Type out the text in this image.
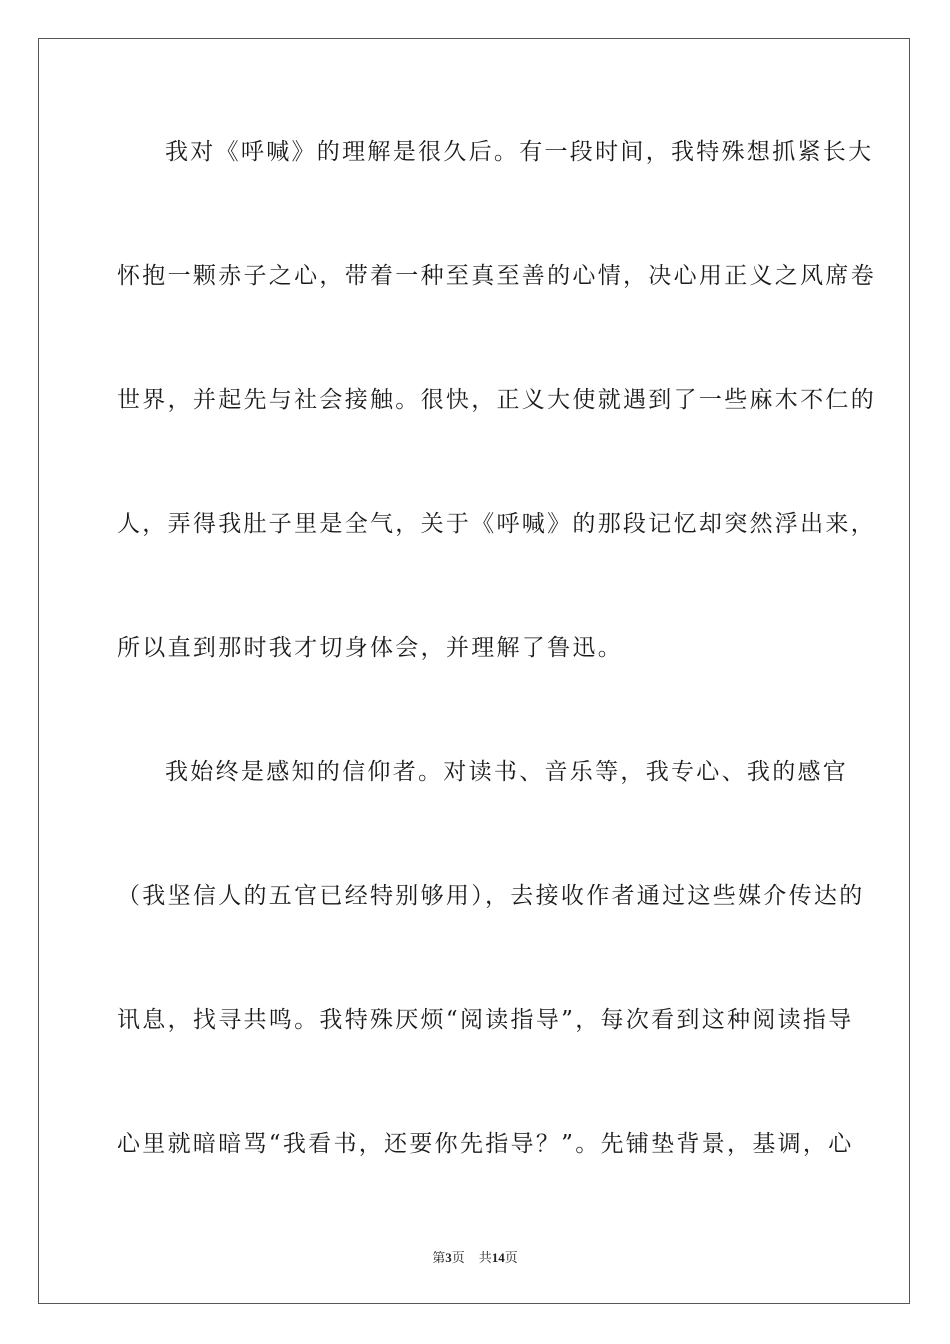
我对《呼喊》的理解是很久后。有一段时间，我特殊想抓紧长大
怀抱一颗赤子之心，带着一种至真至善的心情，决心用正义之风席卷
世界，并起先与社会接触。很快，正义大使就遇到了一些麻木不仁的
人，弄得我肚子里是全气，关于《呼喊》的那段记忆却突然浮出来，
所以直到那时我才切身体会，并理解了鲁迅。
我始终是感知的信仰者。对读书、音乐等，我专心、我的感官
（我坚信人的五官已经特别够用），去接收作者通过这些媒介传达的
讯息，找寻共鸣。我特殊厌烦“阅读指导”，每次看到这种阅读指导
心里就暗暗骂“我看书，还要你先指导？”。先铺垫背景，基调，心
第3页 共14页
